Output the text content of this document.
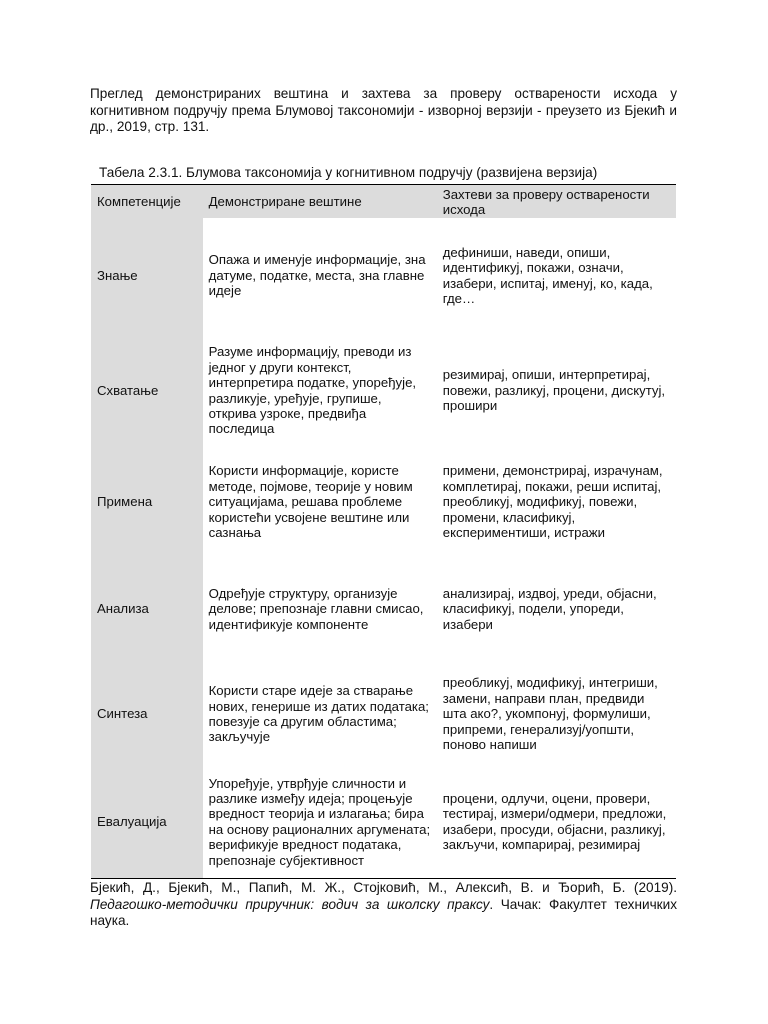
Преглед демонстрираних вештина и захтева за проверу остварености исхода у когнитивном подручју према Блумовој таксономији - изворној верзији - преузето из Бјекић и др., 2019, стр. 131.

Табела 2.3.1. Блумова таксономија у когнитивном подручју (развијена верзија)

Компетенције	Демонстриране вештине	Захтеви за проверу остварености исхода
Знање	Опажа и именује информације, зна датуме, податке, места, зна главне идеје	дефиниши, наведи, опиши, идентификуј, покажи, означи, изабери, испитај, именуј, ко, када, где…
Схватање	Разуме информацију, преводи из једног у други контекст, интерпретира податке, упоређује, разликује, уређује, групише, открива узроке, предвиђа последица	резимирај, опиши, интерпретирај, повежи, разликуј, процени, дискутуј, прошири
Примена	Користи информације, користе методе, појмове, теорије у новим ситуацијама, решава проблеме користећи усвојене вештине или сазнања	примени, демонстрирај, израчунам, комплетирај, покажи, реши испитај, преобликуј, модификуј, повежи, промени, класификуј, експериментиши, истражи
Анализа	Одређује структуру, организује делове; препознаје главни смисао, идентификује компоненте	анализирај, издвој, уреди, објасни, класификуј, подели, упореди, изабери
Синтеза	Користи старе идеје за стварање нових, генерише из датих података; повезује са другим областима; закључује	преобликуј, модификуј, интегриши, замени, направи план, предвиди шта ако?, укомпонуј, формулиши, припреми, генерализуј/уопшти, поново напиши
Евалуација	Упоређује, утврђује сличности и разлике између идеја; процењује вредност теорија и излагања; бира на основу рационалних аргумената; верификује вредност података, препознаје субјективност	процени, одлучи, оцени, провери, тестирај, измери/одмери, предложи, изабери, просуди, објасни, разликуј, закључи, компарирај, резимирај

Бјекић, Д., Бјекић, М., Папић, М. Ж., Стојковић, М., Алексић, В. и Ђорић, Б. (2019). Педагошко-методички приручник: водич за школску праксу. Чачак: Факултет техничких наука.
